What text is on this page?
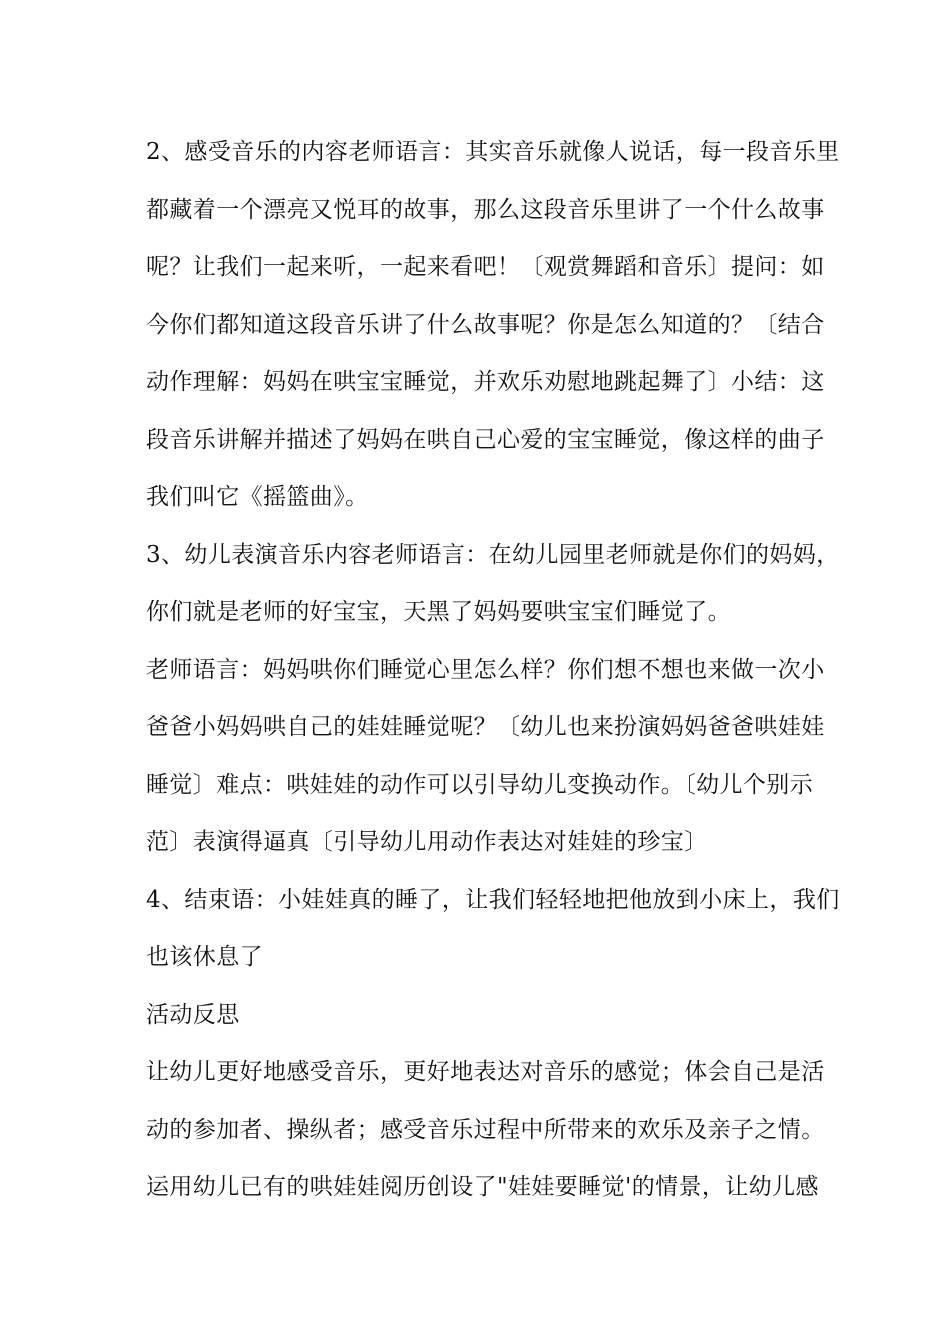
2、感受音乐的内容老师语言：其实音乐就像人说话，每一段音乐里
都藏着一个漂亮又悦耳的故事，那么这段音乐里讲了一个什么故事
呢？让我们一起来听，一起来看吧！〔观赏舞蹈和音乐〕提问：如
今你们都知道这段音乐讲了什么故事呢？你是怎么知道的？〔结合
动作理解：妈妈在哄宝宝睡觉，并欢乐劝慰地跳起舞了〕小结：这
段音乐讲解并描述了妈妈在哄自己心爱的宝宝睡觉，像这样的曲子
我们叫它《摇篮曲》。
3、幼儿表演音乐内容老师语言：在幼儿园里老师就是你们的妈妈，
你们就是老师的好宝宝，天黑了妈妈要哄宝宝们睡觉了。
老师语言：妈妈哄你们睡觉心里怎么样？你们想不想也来做一次小
爸爸小妈妈哄自己的娃娃睡觉呢？〔幼儿也来扮演妈妈爸爸哄娃娃
睡觉〕难点：哄娃娃的动作可以引导幼儿变换动作。〔幼儿个别示
范〕表演得逼真〔引导幼儿用动作表达对娃娃的珍宝〕
4、结束语：小娃娃真的睡了，让我们轻轻地把他放到小床上，我们
也该休息了
活动反思
让幼儿更好地感受音乐，更好地表达对音乐的感觉；体会自己是活
动的参加者、操纵者；感受音乐过程中所带来的欢乐及亲子之情。
运用幼儿已有的哄娃娃阅历创设了"娃娃要睡觉'的情景，让幼儿感
